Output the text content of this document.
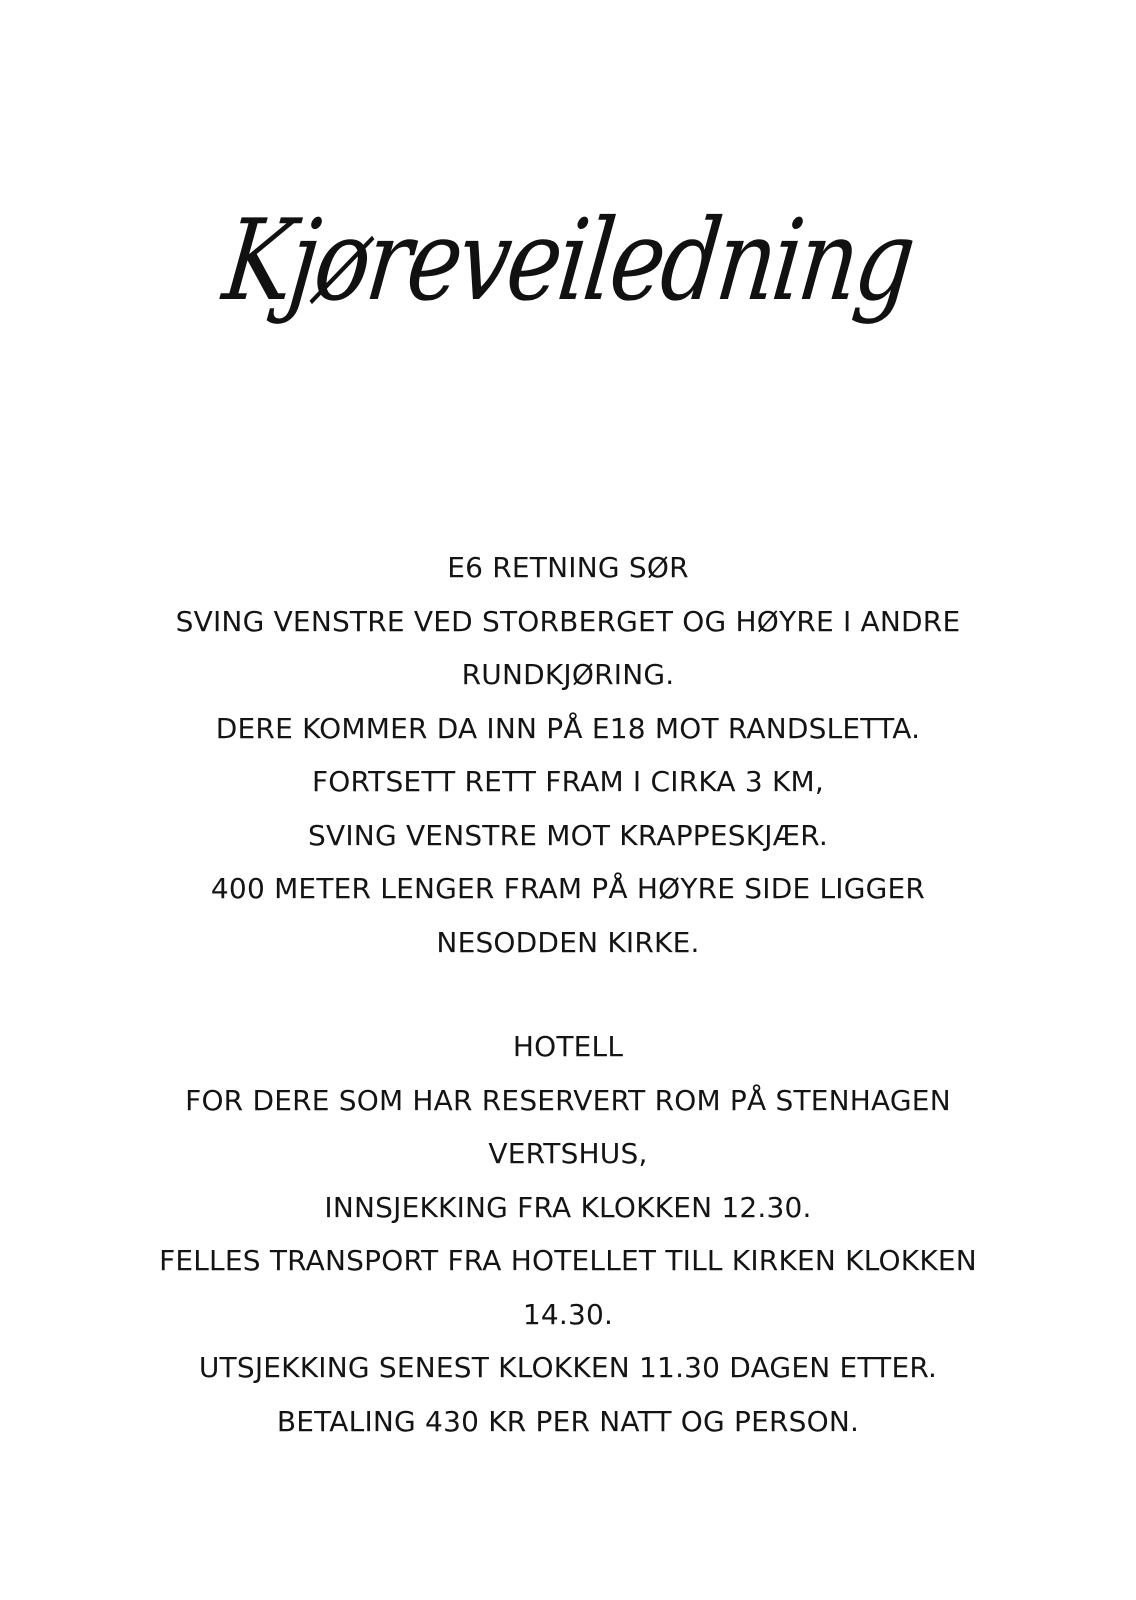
Kjøreveiledning
E6 RETNING SØR
SVING VENSTRE VED STORBERGET OG HØYRE I ANDRE
RUNDKJØRING.
DERE KOMMER DA INN PÅ E18 MOT RANDSLETTA.
FORTSETT RETT FRAM I CIRKA 3 KM,
SVING VENSTRE MOT KRAPPESKJÆR.
400 METER LENGER FRAM PÅ HØYRE SIDE LIGGER
NESODDEN KIRKE.
HOTELL
FOR DERE SOM HAR RESERVERT ROM PÅ STENHAGEN
VERTSHUS,
INNSJEKKING FRA KLOKKEN 12.30.
FELLES TRANSPORT FRA HOTELLET TILL KIRKEN KLOKKEN
14.30.
UTSJEKKING SENEST KLOKKEN 11.30 DAGEN ETTER.
BETALING 430 KR PER NATT OG PERSON.
